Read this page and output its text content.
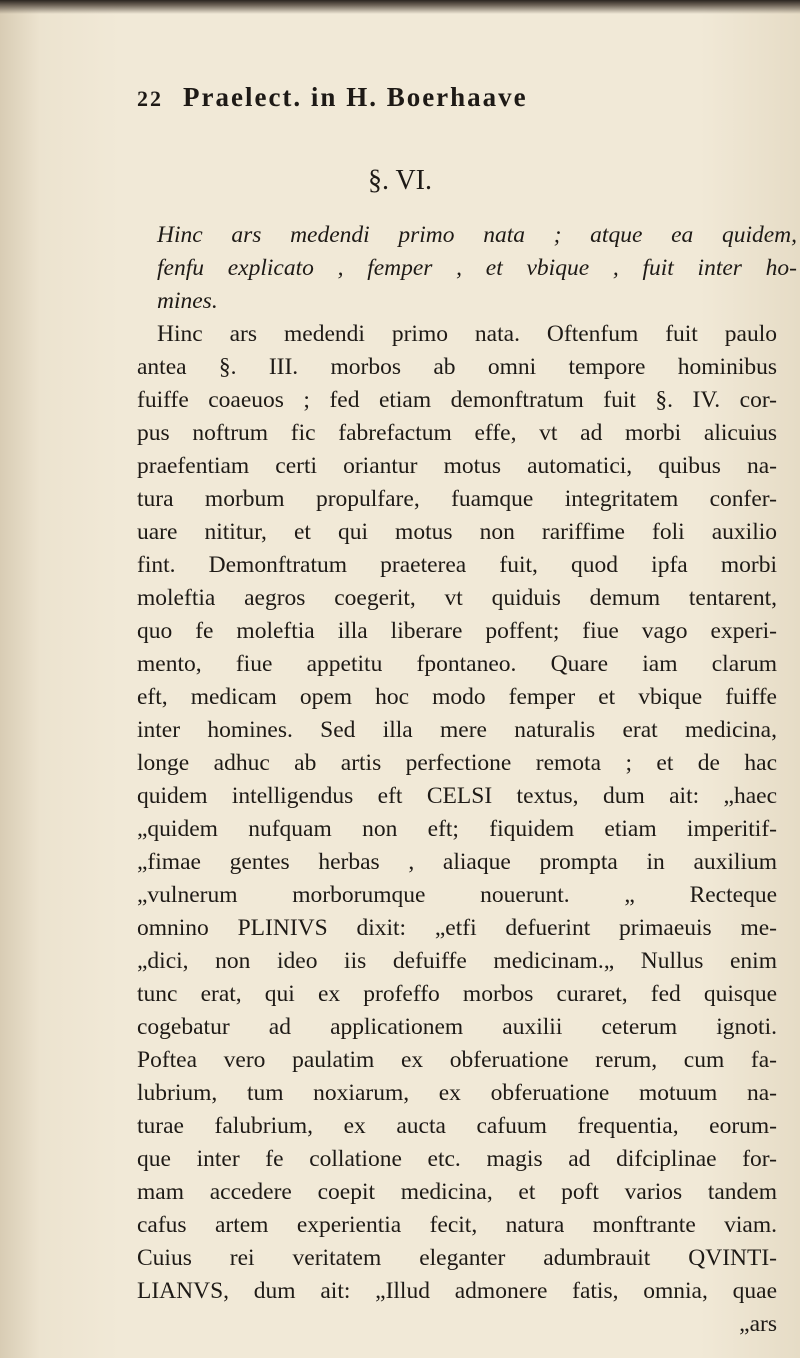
22 Praelect. in H. Boerhaave
§. VI.
Hinc ars medendi primo nata ; atque ea quidem,
fenfu explicato , femper , et vbique , fuit inter ho-
mines.
Hinc ars medendi primo nata. Oftenfum fuit paulo
antea §. III. morbos ab omni tempore hominibus
fuiffe coaeuos ; fed etiam demonftratum fuit §. IV. cor-
pus noftrum fic fabrefactum effe, vt ad morbi alicuius
praefentiam certi oriantur motus automatici, quibus na-
tura morbum propulfare, fuamque integritatem confer-
uare nititur, et qui motus non rariffime foli auxilio
fint. Demonftratum praeterea fuit, quod ipfa morbi
moleftia aegros coegerit, vt quiduis demum tentarent,
quo fe moleftia illa liberare poffent; fiue vago experi-
mento, fiue appetitu fpontaneo. Quare iam clarum
eft, medicam opem hoc modo femper et vbique fuiffe
inter homines. Sed illa mere naturalis erat medicina,
longe adhuc ab artis perfectione remota ; et de hac
quidem intelligendus eft CELSI textus, dum ait: „haec
„quidem nufquam non eft; fiquidem etiam imperitif-
„fimae gentes herbas , aliaque prompta in auxilium
„vulnerum morborumque nouerunt. „ Recteque
omnino PLINIVS dixit: „etfi defuerint primaeuis me-
„dici, non ideo iis defuiffe medicinam.„ Nullus enim
tunc erat, qui ex profeffo morbos curaret, fed quisque
cogebatur ad applicationem auxilii ceterum ignoti.
Poftea vero paulatim ex obferuatione rerum, cum fa-
lubrium, tum noxiarum, ex obferuatione motuum na-
turae falubrium, ex aucta cafuum frequentia, eorum-
que inter fe collatione etc. magis ad difciplinae for-
mam accedere coepit medicina, et poft varios tandem
cafus artem experientia fecit, natura monftrante viam.
Cuius rei veritatem eleganter adumbrauit QVINTI-
LIANVS, dum ait: „Illud admonere fatis, omnia, quae
„ars
